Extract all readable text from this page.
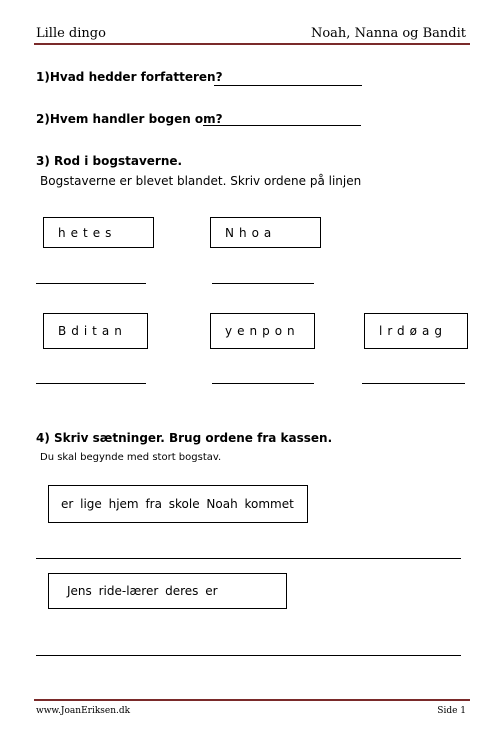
Lille dingo	Noah, Nanna og Bandit
1)Hvad hedder forfatteren?
2)Hvem handler bogen om?
3) Rod i bogstaverne.
Bogstaverne er blevet blandet. Skriv ordene på linjen
hetes	Nhoa
Bditan	yenpon	lrdøag
4) Skriv sætninger. Brug ordene fra kassen.
Du skal begynde med stort bogstav.
er lige hjem fra skole Noah kommet
Jens ride-lærer deres er
www.JoanEriksen.dk	Side 1
